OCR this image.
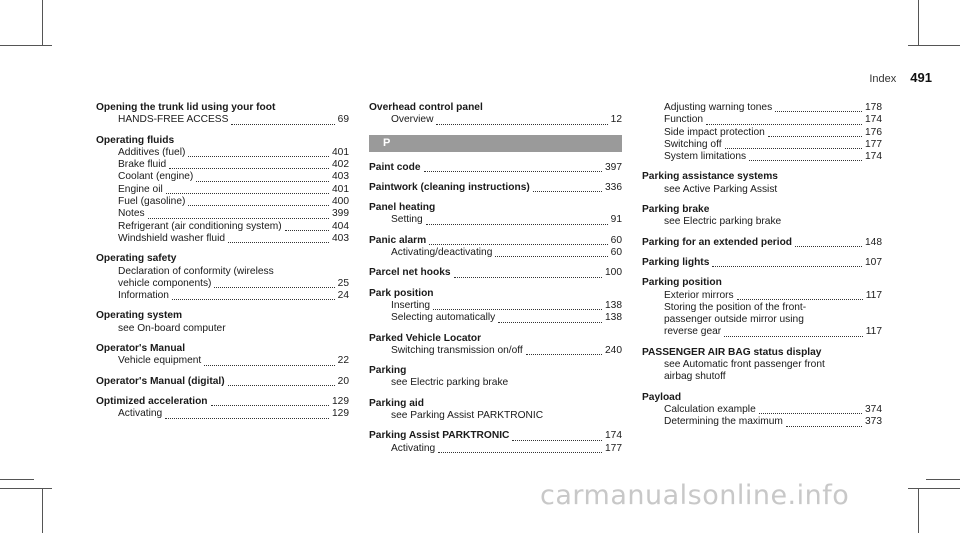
Index 491
Opening the trunk lid using your foot
HANDS-FREE ACCESS	69
Operating fluids
Additives (fuel)	401
Brake fluid	402
Coolant (engine)	403
Engine oil	401
Fuel (gasoline)	400
Notes	399
Refrigerant (air conditioning system)	404
Windshield washer fluid	403
Operating safety
Declaration of conformity (wireless
vehicle components)	25
Information	24
Operating system
see On-board computer
Operator's Manual
Vehicle equipment	22
Operator's Manual (digital)	20
Optimized acceleration	129
Activating	129
Overhead control panel
Overview	12
P
Paint code	397
Paintwork (cleaning instructions)	336
Panel heating
Setting	91
Panic alarm	60
Activating/deactivating	60
Parcel net hooks	100
Park position
Inserting	138
Selecting automatically	138
Parked Vehicle Locator
Switching transmission on/off	240
Parking
see Electric parking brake
Parking aid
see Parking Assist PARKTRONIC
Parking Assist PARKTRONIC	174
Activating	177
Adjusting warning tones	178
Function	174
Side impact protection	176
Switching off	177
System limitations	174
Parking assistance systems
see Active Parking Assist
Parking brake
see Electric parking brake
Parking for an extended period	148
Parking lights	107
Parking position
Exterior mirrors	117
Storing the position of the front-
passenger outside mirror using
reverse gear	117
PASSENGER AIR BAG status display
see Automatic front passenger front
airbag shutoff
Payload
Calculation example	374
Determining the maximum	373
carmanualsonline.info
